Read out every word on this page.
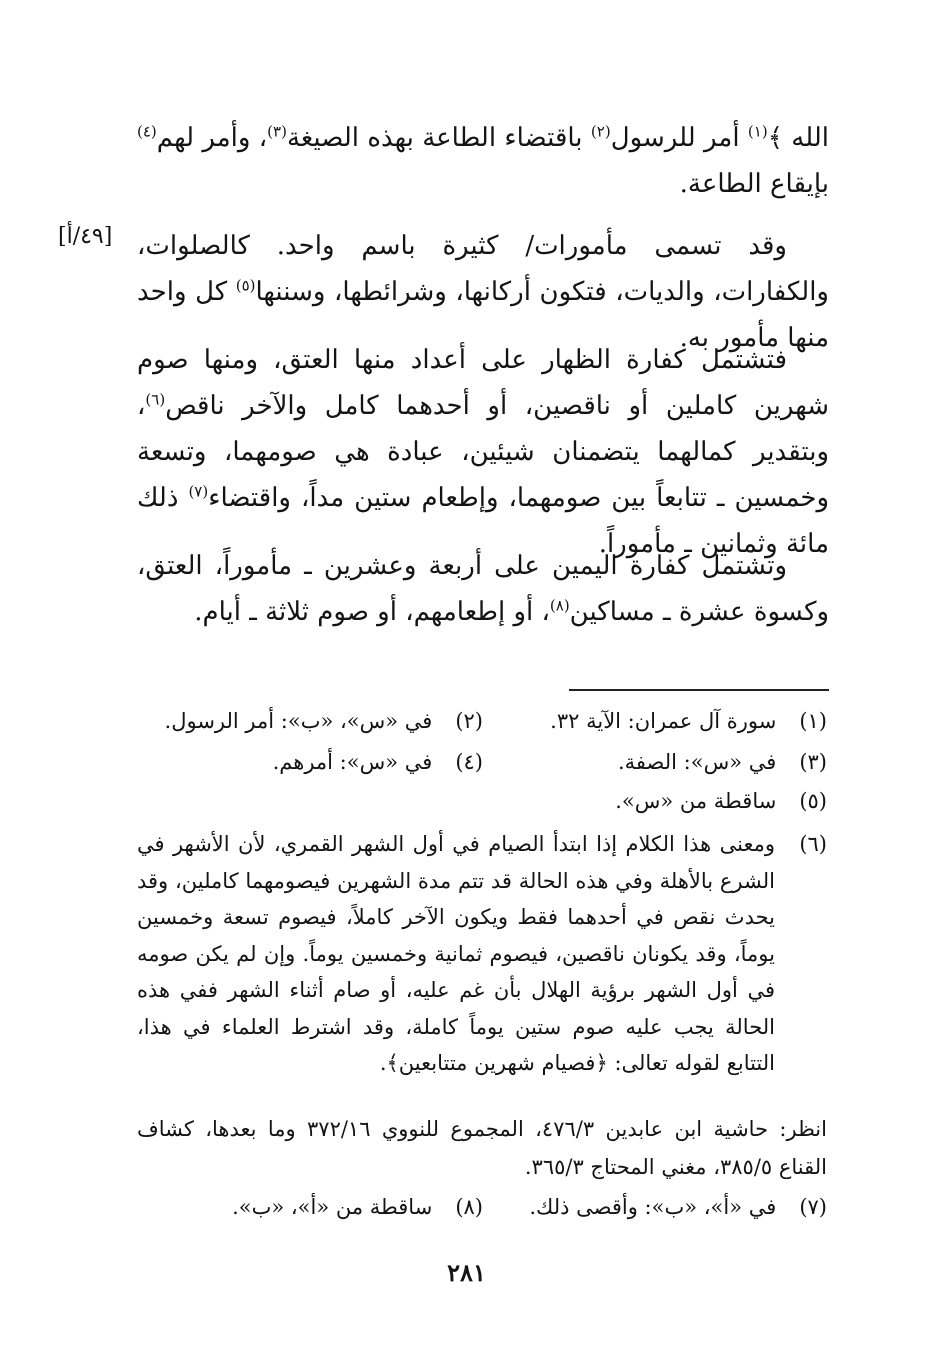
[٤٩/أ]

الله ﴾$^{(١)}$ أمر للرسول$^{(٢)}$ باقتضاء الطاعة بهذه الصيغة$^{(٣)}$، وأمر لهم$^{(٤)}$ بإيقاع الطاعة.

وقد تسمى مأمورات/ كثيرة باسم واحد. كالصلوات، والكفارات، والديات، فتكون أركانها، وشرائطها، وسننها$^{(٥)}$ كل واحد منها مأمور به.

فتشتمل كفارة الظهار على أعداد منها العتق، ومنها صوم شهرين كاملين أو ناقصين، أو أحدهما كامل والآخر ناقص$^{(٦)}$، وبتقدير كمالهما يتضمنان شيئين، عبادة هي صومهما، وتسعة وخمسين ـ تتابعاً بين صومهما، وإطعام ستين مداً، واقتضاء$^{(٧)}$ ذلك مائة وثمانين ـ مأموراً.

وتشتمل كفارة اليمين على أربعة وعشرين ـ مأموراً، العتق، وكسوة عشرة ـ مساكين$^{(٨)}$، أو إطعامهم، أو صوم ثلاثة ـ أيام.

(١) سورة آل عمران: الآية ٣٢.

(٢) في «س»، «ب»: أمر الرسول.

(٣) في «س»: الصفة.

(٤) في «س»: أمرهم.

(٥) ساقطة من «س».

(٦)
ومعنى هذا الكلام إذا ابتدأ الصيام في أول الشهر القمري، لأن الأشهر في الشرع بالأهلة وفي هذه الحالة قد تتم مدة الشهرين فيصومهما كاملين، وقد يحدث نقص في أحدهما فقط ويكون الآخر كاملاً، فيصوم تسعة وخمسين يوماً، وقد يكونان ناقصين، فيصوم ثمانية وخمسين يوماً. وإن لم يكن صومه في أول الشهر برؤية الهلال بأن غم عليه، أو صام أثناء الشهر ففي هذه الحالة يجب عليه صوم ستين يوماً كاملة، وقد اشترط العلماء في هذا، التتابع لقوله تعالى: ﴿فصيام شهرين متتابعين﴾.

انظر: حاشية ابن عابدين ٤٧٦/٣، المجموع للنووي ٣٧٢/١٦ وما بعدها، كشاف القناع ٣٨٥/٥، مغني المحتاج ٣٦٥/٣.

(٧) في «أ»، «ب»: وأقصى ذلك.

(٨) ساقطة من «أ»، «ب».

٢٨١
